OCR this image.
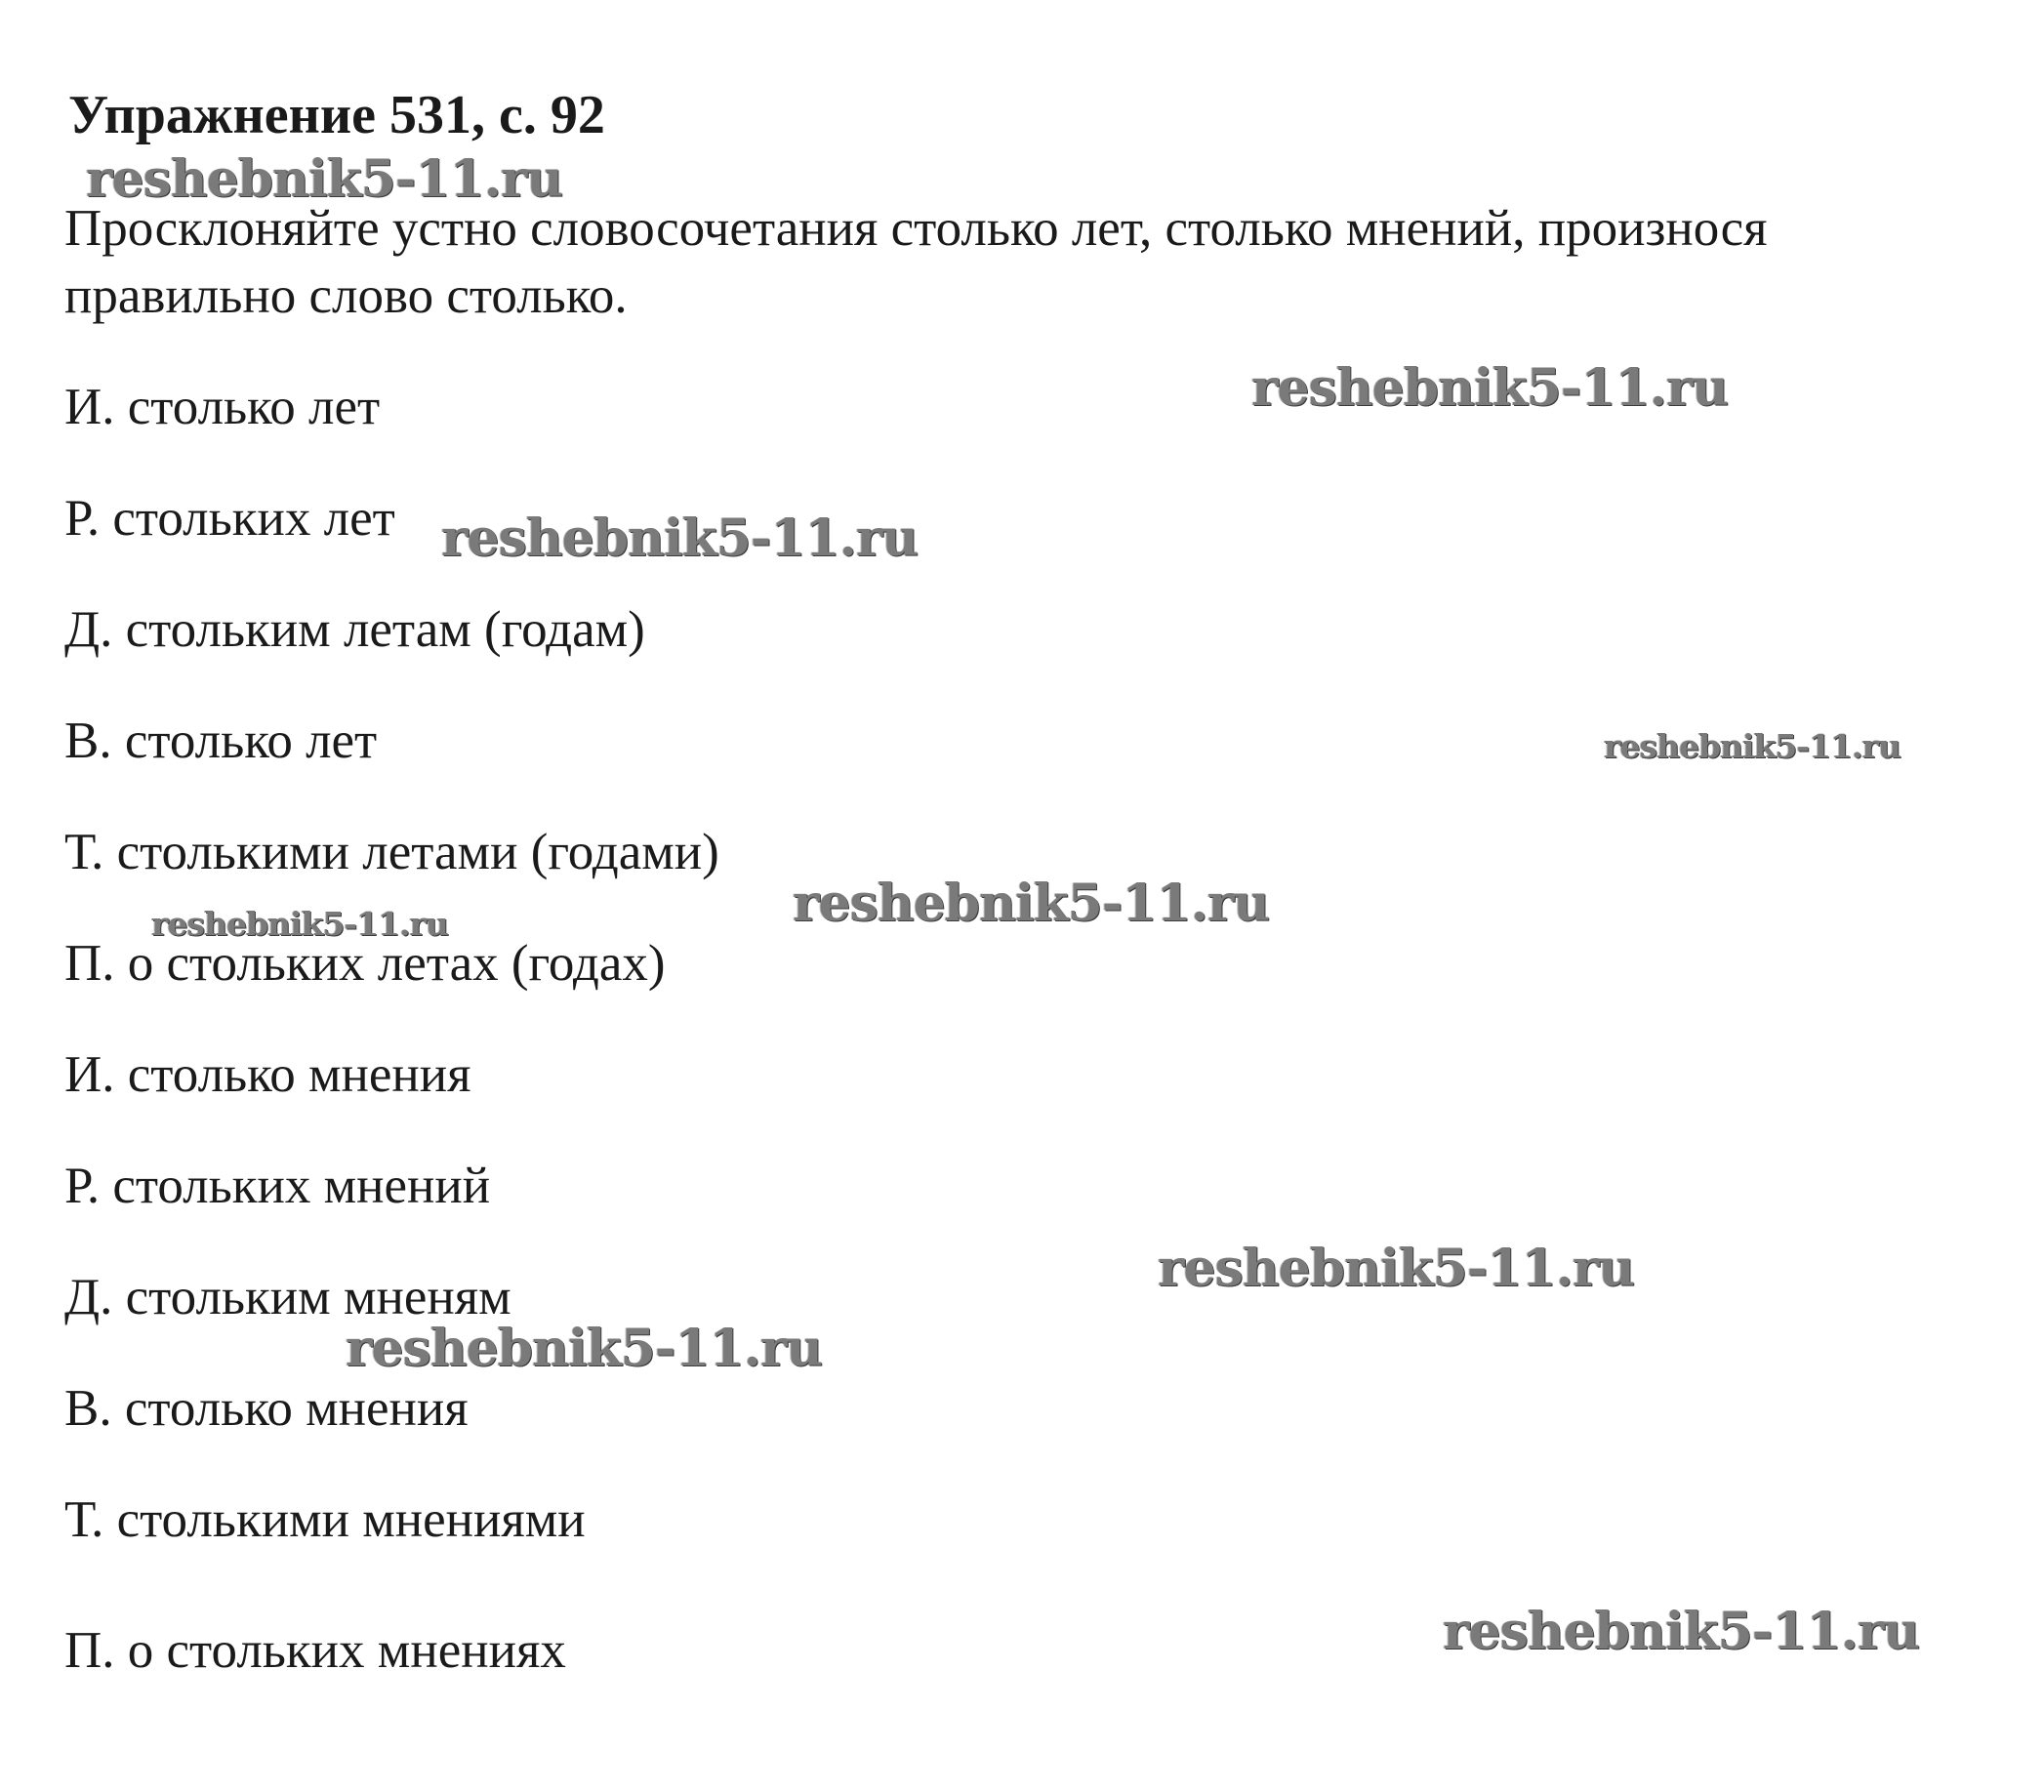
Упражнение 531, с. 92
reshebnik5-11.ru
Просклоняйте устно словосочетания столько лет, столько мнений, произнося правильно слово столько.
И. столько лет
Р. стольких лет
Д. стольким летам (годам)
В. столько лет
Т. столькими летами (годами)
П. о стольких летах (годах)
И. столько мнения
Р. стольких мнений
Д. стольким мненям
В. столько мнения
Т. столькими мнениями
П. о стольких мнениях
reshebnik5-11.ru
reshebnik5-11.ru
reshebnik5-11.ru
reshebnik5-11.ru
reshebnik5-11.ru
reshebnik5-11.ru
reshebnik5-11.ru
reshebnik5-11.ru
